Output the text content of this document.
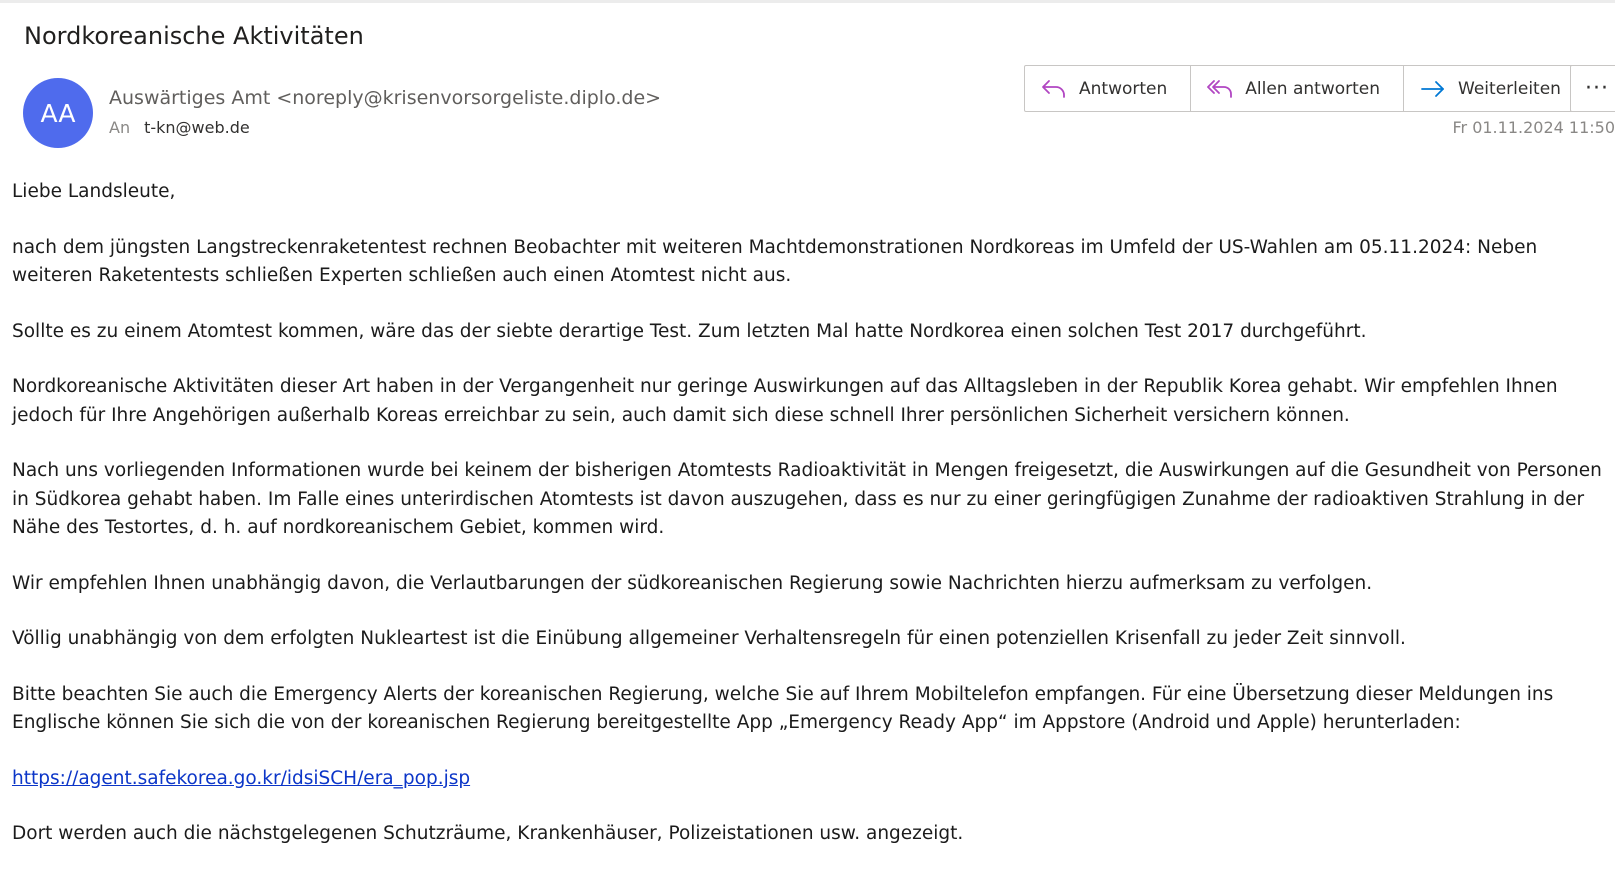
Nordkoreanische Aktivitäten
AA
Auswärtiges Amt <noreply@krisenvorsorgeliste.diplo.de>
An t-kn@web.de
Antworten	Allen antworten	Weiterleiten ···
Fr 01.11.2024 11:50

Liebe Landsleute,

nach dem jüngsten Langstreckenraketentest rechnen Beobachter mit weiteren Machtdemonstrationen Nordkoreas im Umfeld der US-Wahlen am 05.11.2024: Neben weiteren Raketentests schließen Experten schließen auch einen Atomtest nicht aus.

Sollte es zu einem Atomtest kommen, wäre das der siebte derartige Test. Zum letzten Mal hatte Nordkorea einen solchen Test 2017 durchgeführt.

Nordkoreanische Aktivitäten dieser Art haben in der Vergangenheit nur geringe Auswirkungen auf das Alltagsleben in der Republik Korea gehabt. Wir empfehlen Ihnen jedoch für Ihre Angehörigen außerhalb Koreas erreichbar zu sein, auch damit sich diese schnell Ihrer persönlichen Sicherheit versichern können.

Nach uns vorliegenden Informationen wurde bei keinem der bisherigen Atomtests Radioaktivität in Mengen freigesetzt, die Auswirkungen auf die Gesundheit von Personen in Südkorea gehabt haben. Im Falle eines unterirdischen Atomtests ist davon auszugehen, dass es nur zu einer geringfügigen Zunahme der radioaktiven Strahlung in der Nähe des Testortes, d. h. auf nordkoreanischem Gebiet, kommen wird.

Wir empfehlen Ihnen unabhängig davon, die Verlautbarungen der südkoreanischen Regierung sowie Nachrichten hierzu aufmerksam zu verfolgen.

Völlig unabhängig von dem erfolgten Nukleartest ist die Einübung allgemeiner Verhaltensregeln für einen potenziellen Krisenfall zu jeder Zeit sinnvoll.

Bitte beachten Sie auch die Emergency Alerts der koreanischen Regierung, welche Sie auf Ihrem Mobiltelefon empfangen. Für eine Übersetzung dieser Meldungen ins Englische können Sie sich die von der koreanischen Regierung bereitgestellte App „Emergency Ready App“ im Appstore (Android und Apple) herunterladen:

https://agent.safekorea.go.kr/idsiSCH/era_pop.jsp

Dort werden auch die nächstgelegenen Schutzräume, Krankenhäuser, Polizeistationen usw. angezeigt.
